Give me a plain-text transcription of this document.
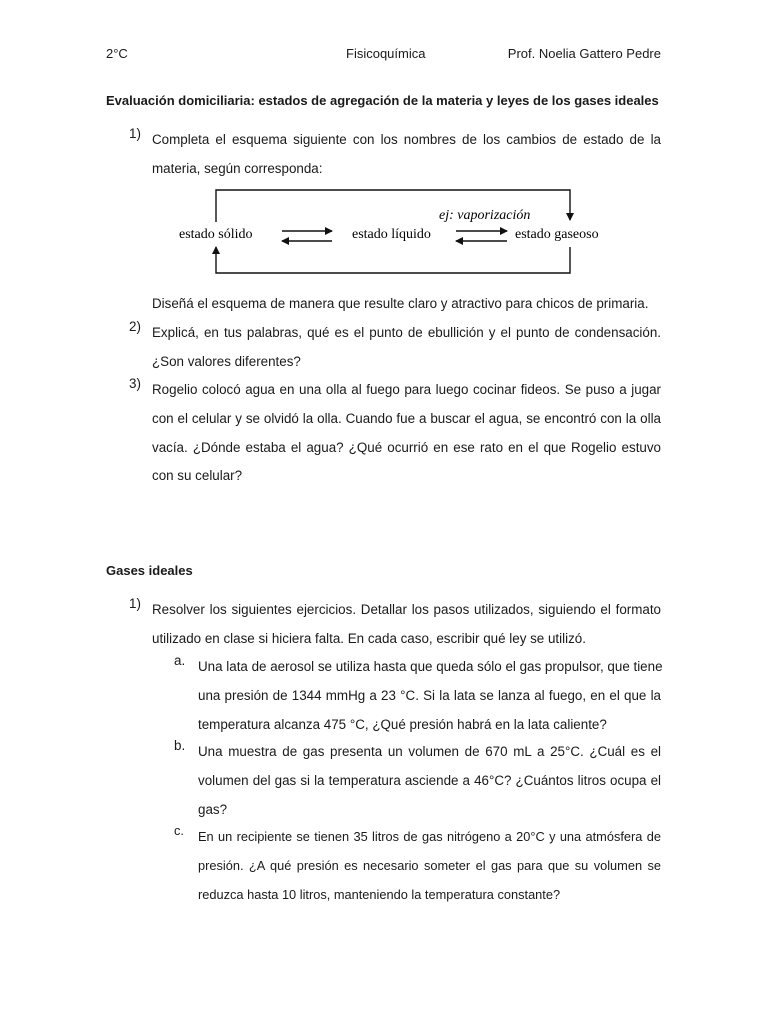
2°C	Fisicoquímica	Prof. Noelia Gattero Pedre
Evaluación domiciliaria: estados de agregación de la materia y leyes de los gases ideales
1) Completa el esquema siguiente con los nombres de los cambios de estado de la
materia, según corresponda:
estado sólido	estado líquido	estado gaseoso
ej: vaporización
Diseñá el esquema de manera que resulte claro y atractivo para chicos de primaria.
2) Explicá, en tus palabras, qué es el punto de ebullición y el punto de condensación.
¿Son valores diferentes?
3) Rogelio colocó agua en una olla al fuego para luego cocinar fideos. Se puso a jugar
con el celular y se olvidó la olla. Cuando fue a buscar el agua, se encontró con la olla
vacía. ¿Dónde estaba el agua? ¿Qué ocurrió en ese rato en el que Rogelio estuvo
con su celular?
Gases ideales
1) Resolver los siguientes ejercicios. Detallar los pasos utilizados, siguiendo el formato
utilizado en clase si hiciera falta. En cada caso, escribir qué ley se utilizó.
a. Una lata de aerosol se utiliza hasta que queda sólo el gas propulsor, que tiene
una presión de 1344 mmHg a 23 °C. Si la lata se lanza al fuego, en el que la
temperatura alcanza 475 °C, ¿Qué presión habrá en la lata caliente?
b. Una muestra de gas presenta un volumen de 670 mL a 25°C. ¿Cuál es el
volumen del gas si la temperatura asciende a 46°C? ¿Cuántos litros ocupa el
gas?
c. En un recipiente se tienen 35 litros de gas nitrógeno a 20°C y una atmósfera de
presión. ¿A qué presión es necesario someter el gas para que su volumen se
reduzca hasta 10 litros, manteniendo la temperatura constante?
